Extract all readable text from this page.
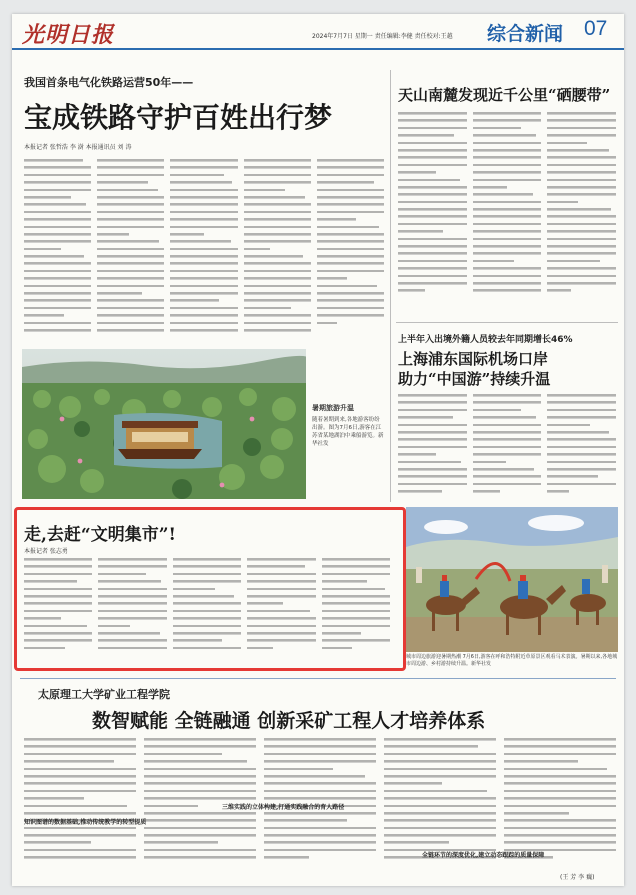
光明日报	2024年7月7日 星期一 责任编辑:李健 责任校对:王越 综合新闻 07
我国首条电气化铁路运营50年——
宝成铁路守护百姓出行梦
本报记者 张哲浩 李 澍 本报通讯员 刘 涛
天山南麓发现近千公里“硒腰带”
暑期旅游升温
随着暑期到来,各地游客纷纷出游。图为7月6日,游客在江苏省某地湖泊中乘船游览。新华社发
上半年入出境外籍人员较去年同期增长46%
上海浦东国际机场口岸
助力“中国游”持续升温
走,去赶“文明集市”!
本报记者 张志勇
城市周边旅游迎暑期热潮 7月6日,游客在呼和浩特附近草原景区观看马术表演。暑期以来,各地城市周边游、乡村游持续升温。新华社发
太原理工大学矿业工程学院
数智赋能 全链融通 创新采矿工程人才培养体系
知识图谱的数据基础,推动传统教学的转型提质
三维实践的立体构建,打通实践融合的育人路径
全链环节的深度优化,建立动态跟踪的质量保障
(王 芳 李 巍)
